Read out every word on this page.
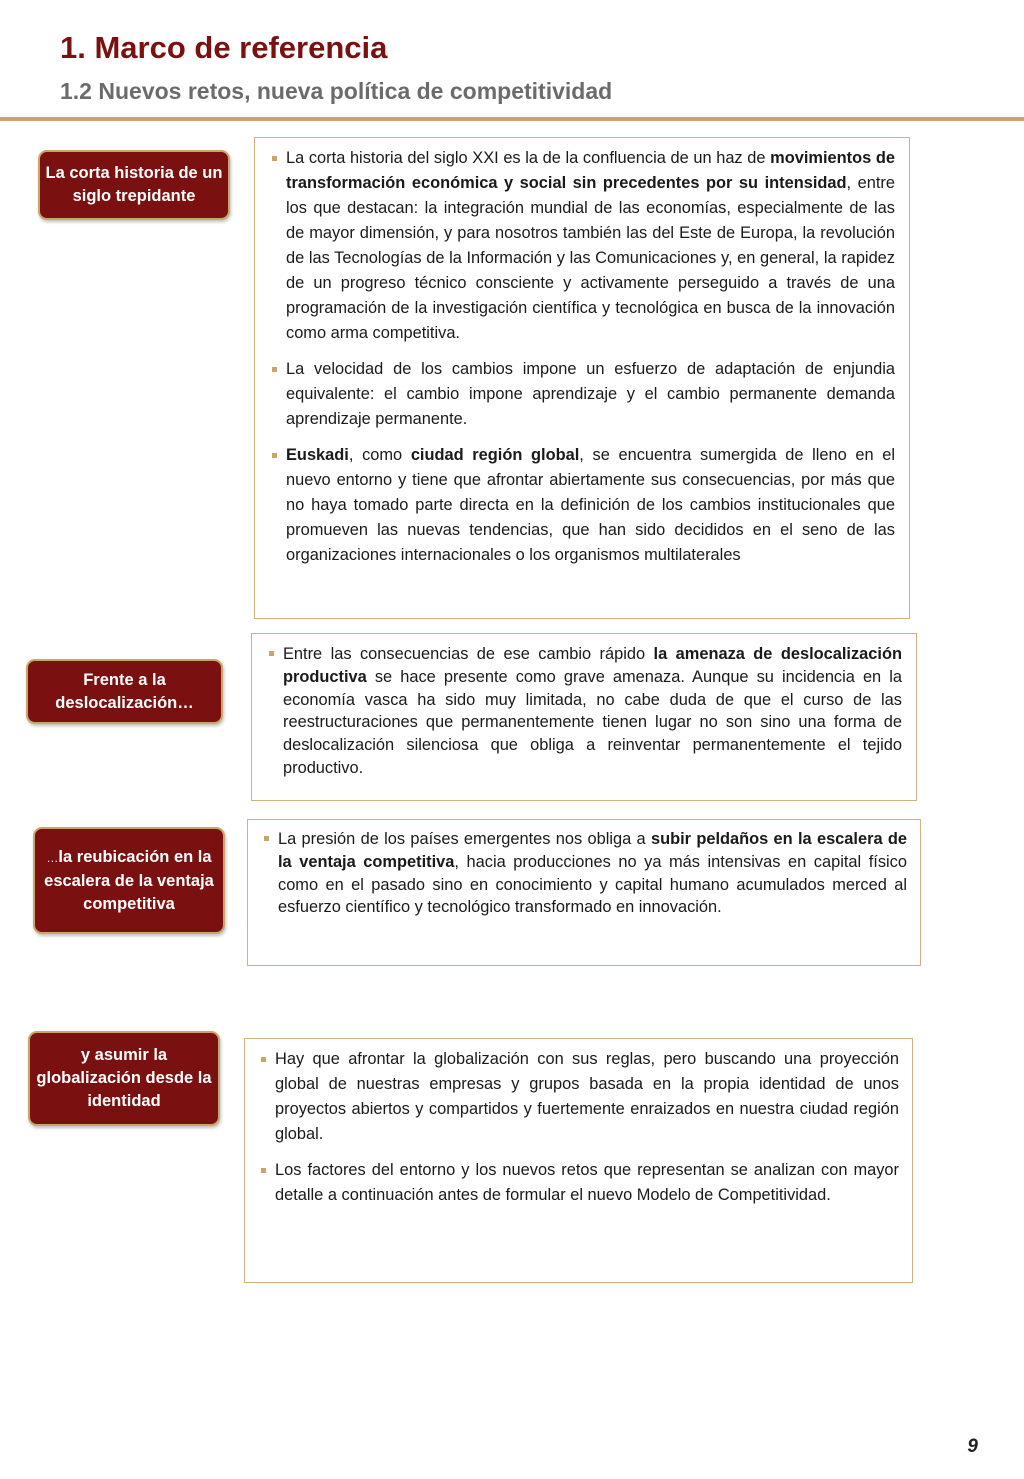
1. Marco de referencia
1.2 Nuevos retos, nueva política de competitividad
La corta historia de un siglo trepidante
La corta historia del siglo XXI es la de la confluencia de un haz de movimientos de transformación económica y social sin precedentes por su intensidad, entre los que destacan: la integración mundial de las economías, especialmente de las de mayor dimensión, y para nosotros también las del Este de Europa, la revolución de las Tecnologías de la Información y las Comunicaciones y, en general, la rapidez de un progreso técnico consciente y activamente perseguido a través de una programación de la investigación científica y tecnológica en busca de la innovación como arma competitiva.
La velocidad de los cambios impone un esfuerzo de adaptación de enjundia equivalente: el cambio impone aprendizaje y el cambio permanente demanda aprendizaje permanente.
Euskadi, como ciudad región global, se encuentra sumergida de lleno en el nuevo entorno y tiene que afrontar abiertamente sus consecuencias, por más que no haya tomado parte directa en la definición de los cambios institucionales que promueven las nuevas tendencias, que han sido decididos en el seno de las organizaciones internacionales o los organismos multilaterales
Frente a la deslocalización…
Entre las consecuencias de ese cambio rápido la amenaza de deslocalización productiva se hace presente como grave amenaza. Aunque su incidencia en la economía vasca ha sido muy limitada, no cabe duda de que el curso de las reestructuraciones que permanentemente tienen lugar no son sino una forma de deslocalización silenciosa que obliga a reinventar permanentemente el tejido productivo.
…la reubicación en la escalera de la ventaja competitiva
La presión de los países emergentes nos obliga a subir peldaños en la escalera de la ventaja competitiva, hacia producciones no ya más intensivas en capital físico como en el pasado sino en conocimiento y capital humano acumulados merced al esfuerzo científico y tecnológico transformado en innovación.
y asumir la globalización desde la identidad
Hay que afrontar la globalización con sus reglas, pero buscando una proyección global de nuestras empresas y grupos basada en la propia identidad de unos proyectos abiertos y compartidos y fuertemente enraizados en nuestra ciudad región global.
Los factores del entorno y los nuevos retos que representan se analizan con mayor detalle a continuación antes de formular el nuevo Modelo de Competitividad.
9
